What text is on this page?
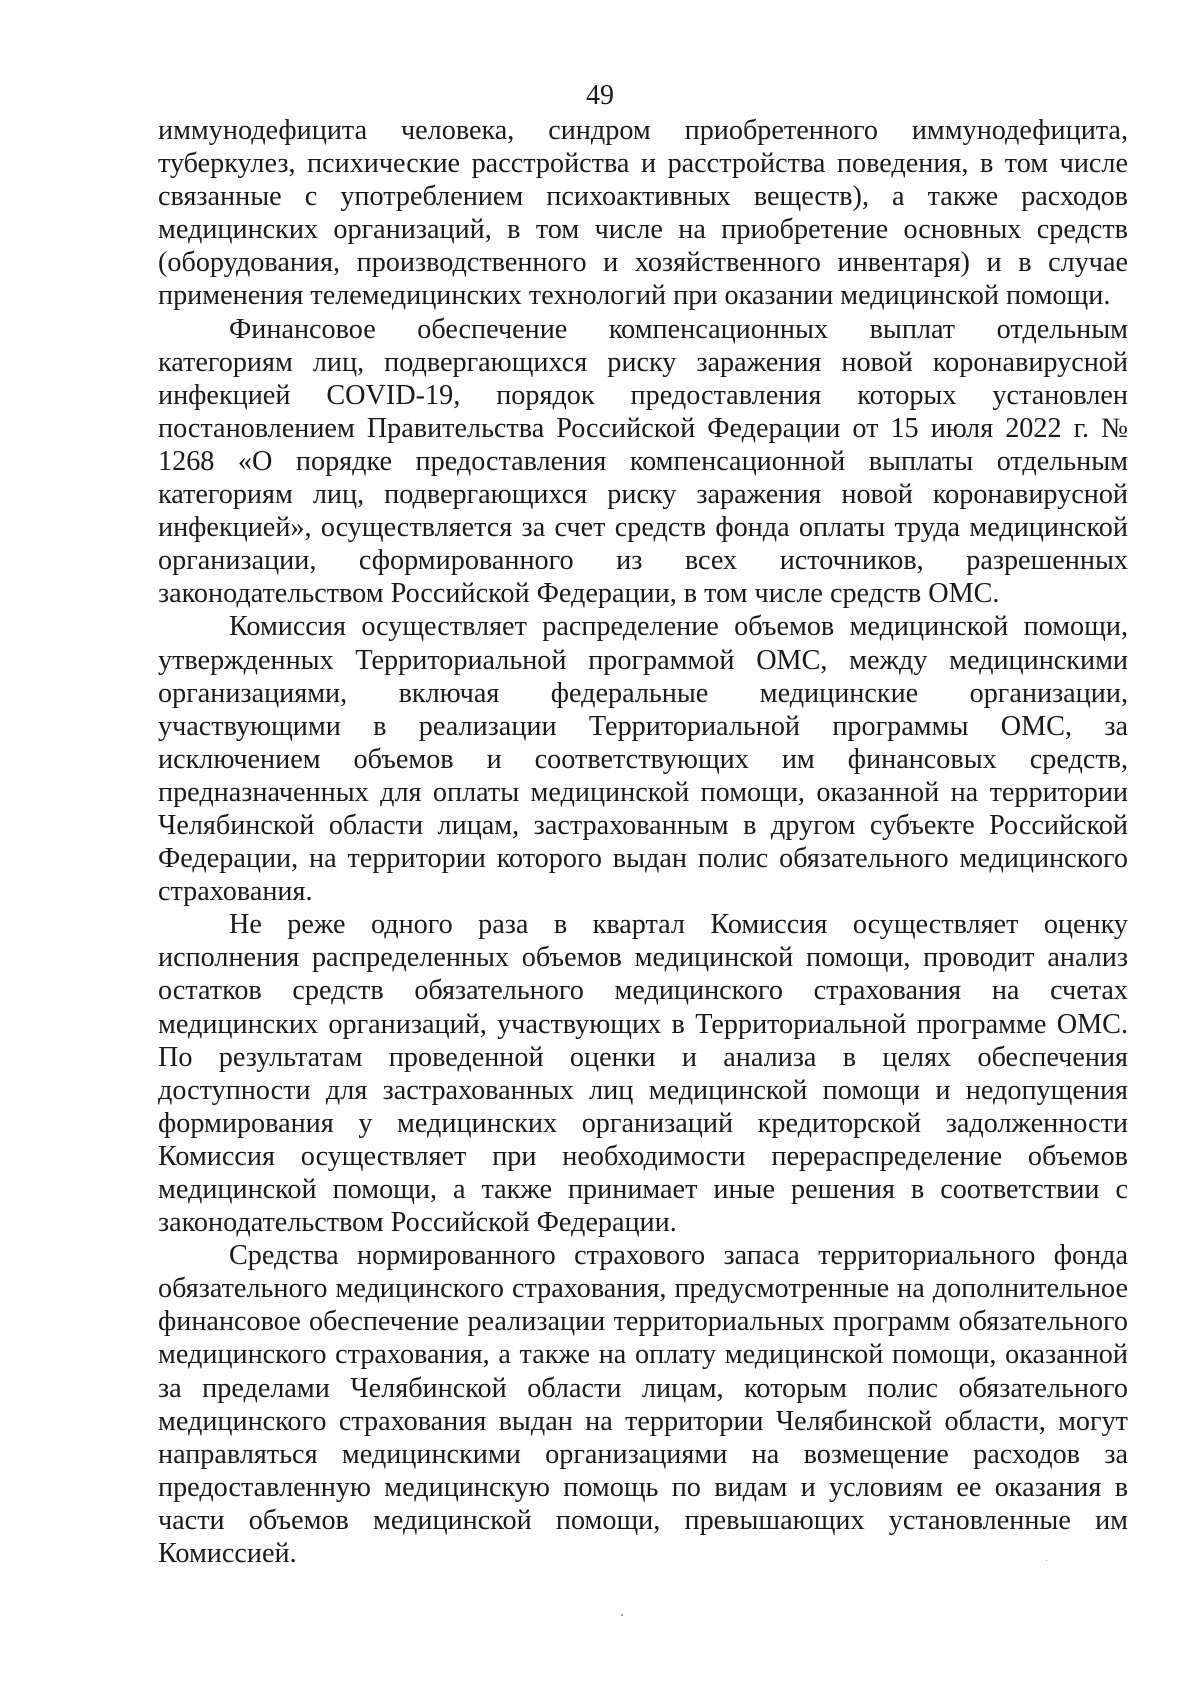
49

иммунодефицита человека, синдром приобретенного иммунодефицита, туберкулез, психические расстройства и расстройства поведения, в том числе связанные с употреблением психоактивных веществ), а также расходов медицинских организаций, в том числе на приобретение основных средств (оборудования, производственного и хозяйственного инвентаря) и в случае применения телемедицинских технологий при оказании медицинской помощи.

Финансовое обеспечение компенсационных выплат отдельным категориям лиц, подвергающихся риску заражения новой коронавирусной инфекцией COVID-19, порядок предоставления которых установлен постановлением Правительства Российской Федерации от 15 июля 2022 г. № 1268 «О порядке предоставления компенсационной выплаты отдельным категориям лиц, подвергающихся риску заражения новой коронавирусной инфекцией», осуществляется за счет средств фонда оплаты труда медицинской организации, сформированного из всех источников, разрешенных законодательством Российской Федерации, в том числе средств ОМС.

Комиссия осуществляет распределение объемов медицинской помощи, утвержденных Территориальной программой ОМС, между медицинскими организациями, включая федеральные медицинские организации, участвующими в реализации Территориальной программы ОМС, за исключением объемов и соответствующих им финансовых средств, предназначенных для оплаты медицинской помощи, оказанной на территории Челябинской области лицам, застрахованным в другом субъекте Российской Федерации, на территории которого выдан полис обязательного медицинского страхования.

Не реже одного раза в квартал Комиссия осуществляет оценку исполнения распределенных объемов медицинской помощи, проводит анализ остатков средств обязательного медицинского страхования на счетах медицинских организаций, участвующих в Территориальной программе ОМС. По результатам проведенной оценки и анализа в целях обеспечения доступности для застрахованных лиц медицинской помощи и недопущения формирования у медицинских организаций кредиторской задолженности Комиссия осуществляет при необходимости перераспределение объемов медицинской помощи, а также принимает иные решения в соответствии с законодательством Российской Федерации.

Средства нормированного страхового запаса территориального фонда обязательного медицинского страхования, предусмотренные на дополнительное финансовое обеспечение реализации территориальных программ обязательного медицинского страхования, а также на оплату медицинской помощи, оказанной за пределами Челябинской области лицам, которым полис обязательного медицинского страхования выдан на территории Челябинской области, могут направляться медицинскими организациями на возмещение расходов за предоставленную медицинскую помощь по видам и условиям ее оказания в части объемов медицинской помощи, превышающих установленные им Комиссией.
